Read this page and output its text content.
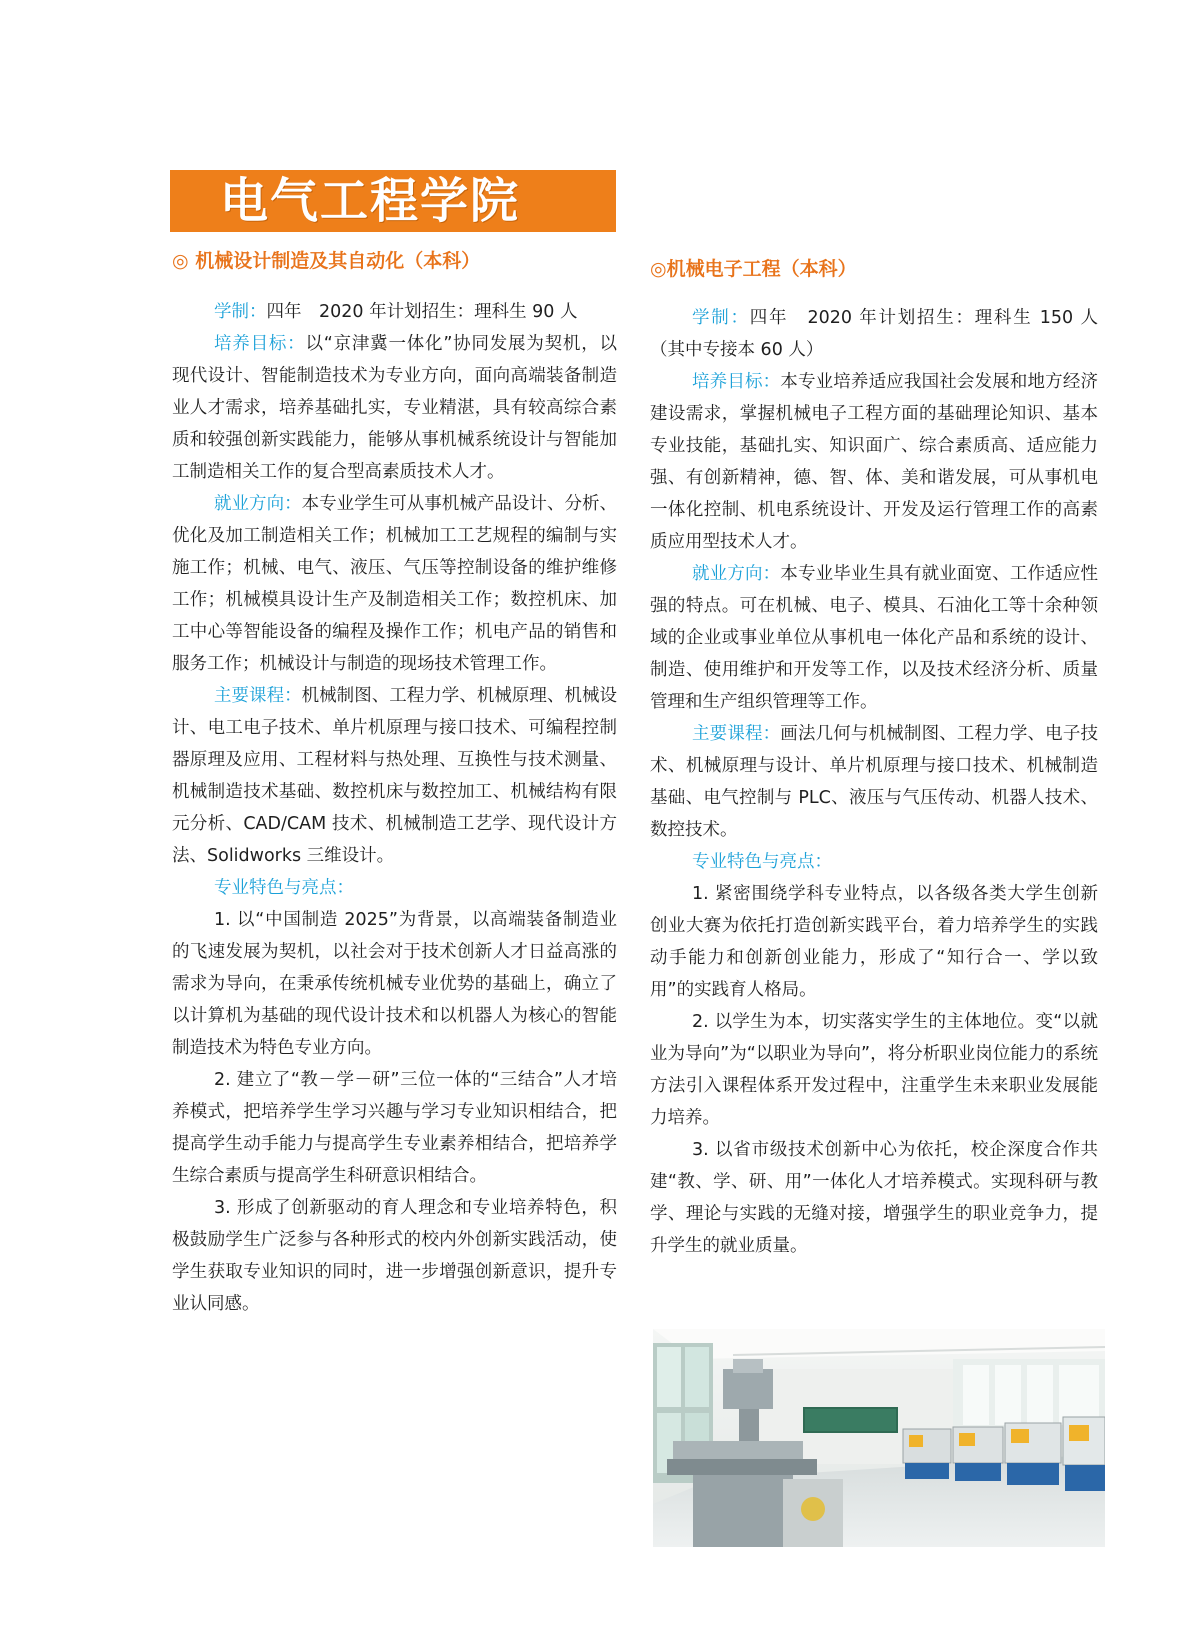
电气工程学院
◎ 机械设计制造及其自动化（本科）

学制：四年　2020 年计划招生：理科生 90 人

培养目标：以“京津冀一体化”协同发展为契机，以现代设计、智能制造技术为专业方向，面向高端装备制造业人才需求，培养基础扎实，专业精湛，具有较高综合素质和较强创新实践能力，能够从事机械系统设计与智能加工制造相关工作的复合型高素质技术人才。

就业方向：本专业学生可从事机械产品设计、分析、优化及加工制造相关工作；机械加工工艺规程的编制与实施工作；机械、电气、液压、气压等控制设备的维护维修工作；机械模具设计生产及制造相关工作；数控机床、加工中心等智能设备的编程及操作工作；机电产品的销售和服务工作；机械设计与制造的现场技术管理工作。

主要课程：机械制图、工程力学、机械原理、机械设计、电工电子技术、单片机原理与接口技术、可编程控制器原理及应用、工程材料与热处理、互换性与技术测量、机械制造技术基础、数控机床与数控加工、机械结构有限元分析、CAD/CAM 技术、机械制造工艺学、现代设计方法、Solidworks 三维设计。

专业特色与亮点：

1. 以“中国制造 2025”为背景，以高端装备制造业的飞速发展为契机，以社会对于技术创新人才日益高涨的需求为导向，在秉承传统机械专业优势的基础上，确立了以计算机为基础的现代设计技术和以机器人为核心的智能制造技术为特色专业方向。

2. 建立了“教－学－研”三位一体的“三结合”人才培养模式，把培养学生学习兴趣与学习专业知识相结合，把提高学生动手能力与提高学生专业素养相结合，把培养学生综合素质与提高学生科研意识相结合。

3. 形成了创新驱动的育人理念和专业培养特色，积极鼓励学生广泛参与各种形式的校内外创新实践活动，使学生获取专业知识的同时，进一步增强创新意识，提升专业认同感。

◎机械电子工程（本科）

学制：四年　2020 年计划招生：理科生 150 人（其中专接本 60 人）

培养目标：本专业培养适应我国社会发展和地方经济建设需求，掌握机械电子工程方面的基础理论知识、基本专业技能，基础扎实、知识面广、综合素质高、适应能力强、有创新精神，德、智、体、美和谐发展，可从事机电一体化控制、机电系统设计、开发及运行管理工作的高素质应用型技术人才。

就业方向：本专业毕业生具有就业面宽、工作适应性强的特点。可在机械、电子、模具、石油化工等十余种领域的企业或事业单位从事机电一体化产品和系统的设计、制造、使用维护和开发等工作，以及技术经济分析、质量管理和生产组织管理等工作。

主要课程：画法几何与机械制图、工程力学、电子技术、机械原理与设计、单片机原理与接口技术、机械制造基础、电气控制与 PLC、液压与气压传动、机器人技术、数控技术。

专业特色与亮点：

1. 紧密围绕学科专业特点，以各级各类大学生创新创业大赛为依托打造创新实践平台，着力培养学生的实践动手能力和创新创业能力，形成了“知行合一、学以致用”的实践育人格局。

2. 以学生为本，切实落实学生的主体地位。变“以就业为导向”为“以职业为导向”，将分析职业岗位能力的系统方法引入课程体系开发过程中，注重学生未来职业发展能力培养。

3. 以省市级技术创新中心为依托，校企深度合作共建“教、学、研、用”一体化人才培养模式。实现科研与教学、理论与实践的无缝对接，增强学生的职业竞争力，提升学生的就业质量。
